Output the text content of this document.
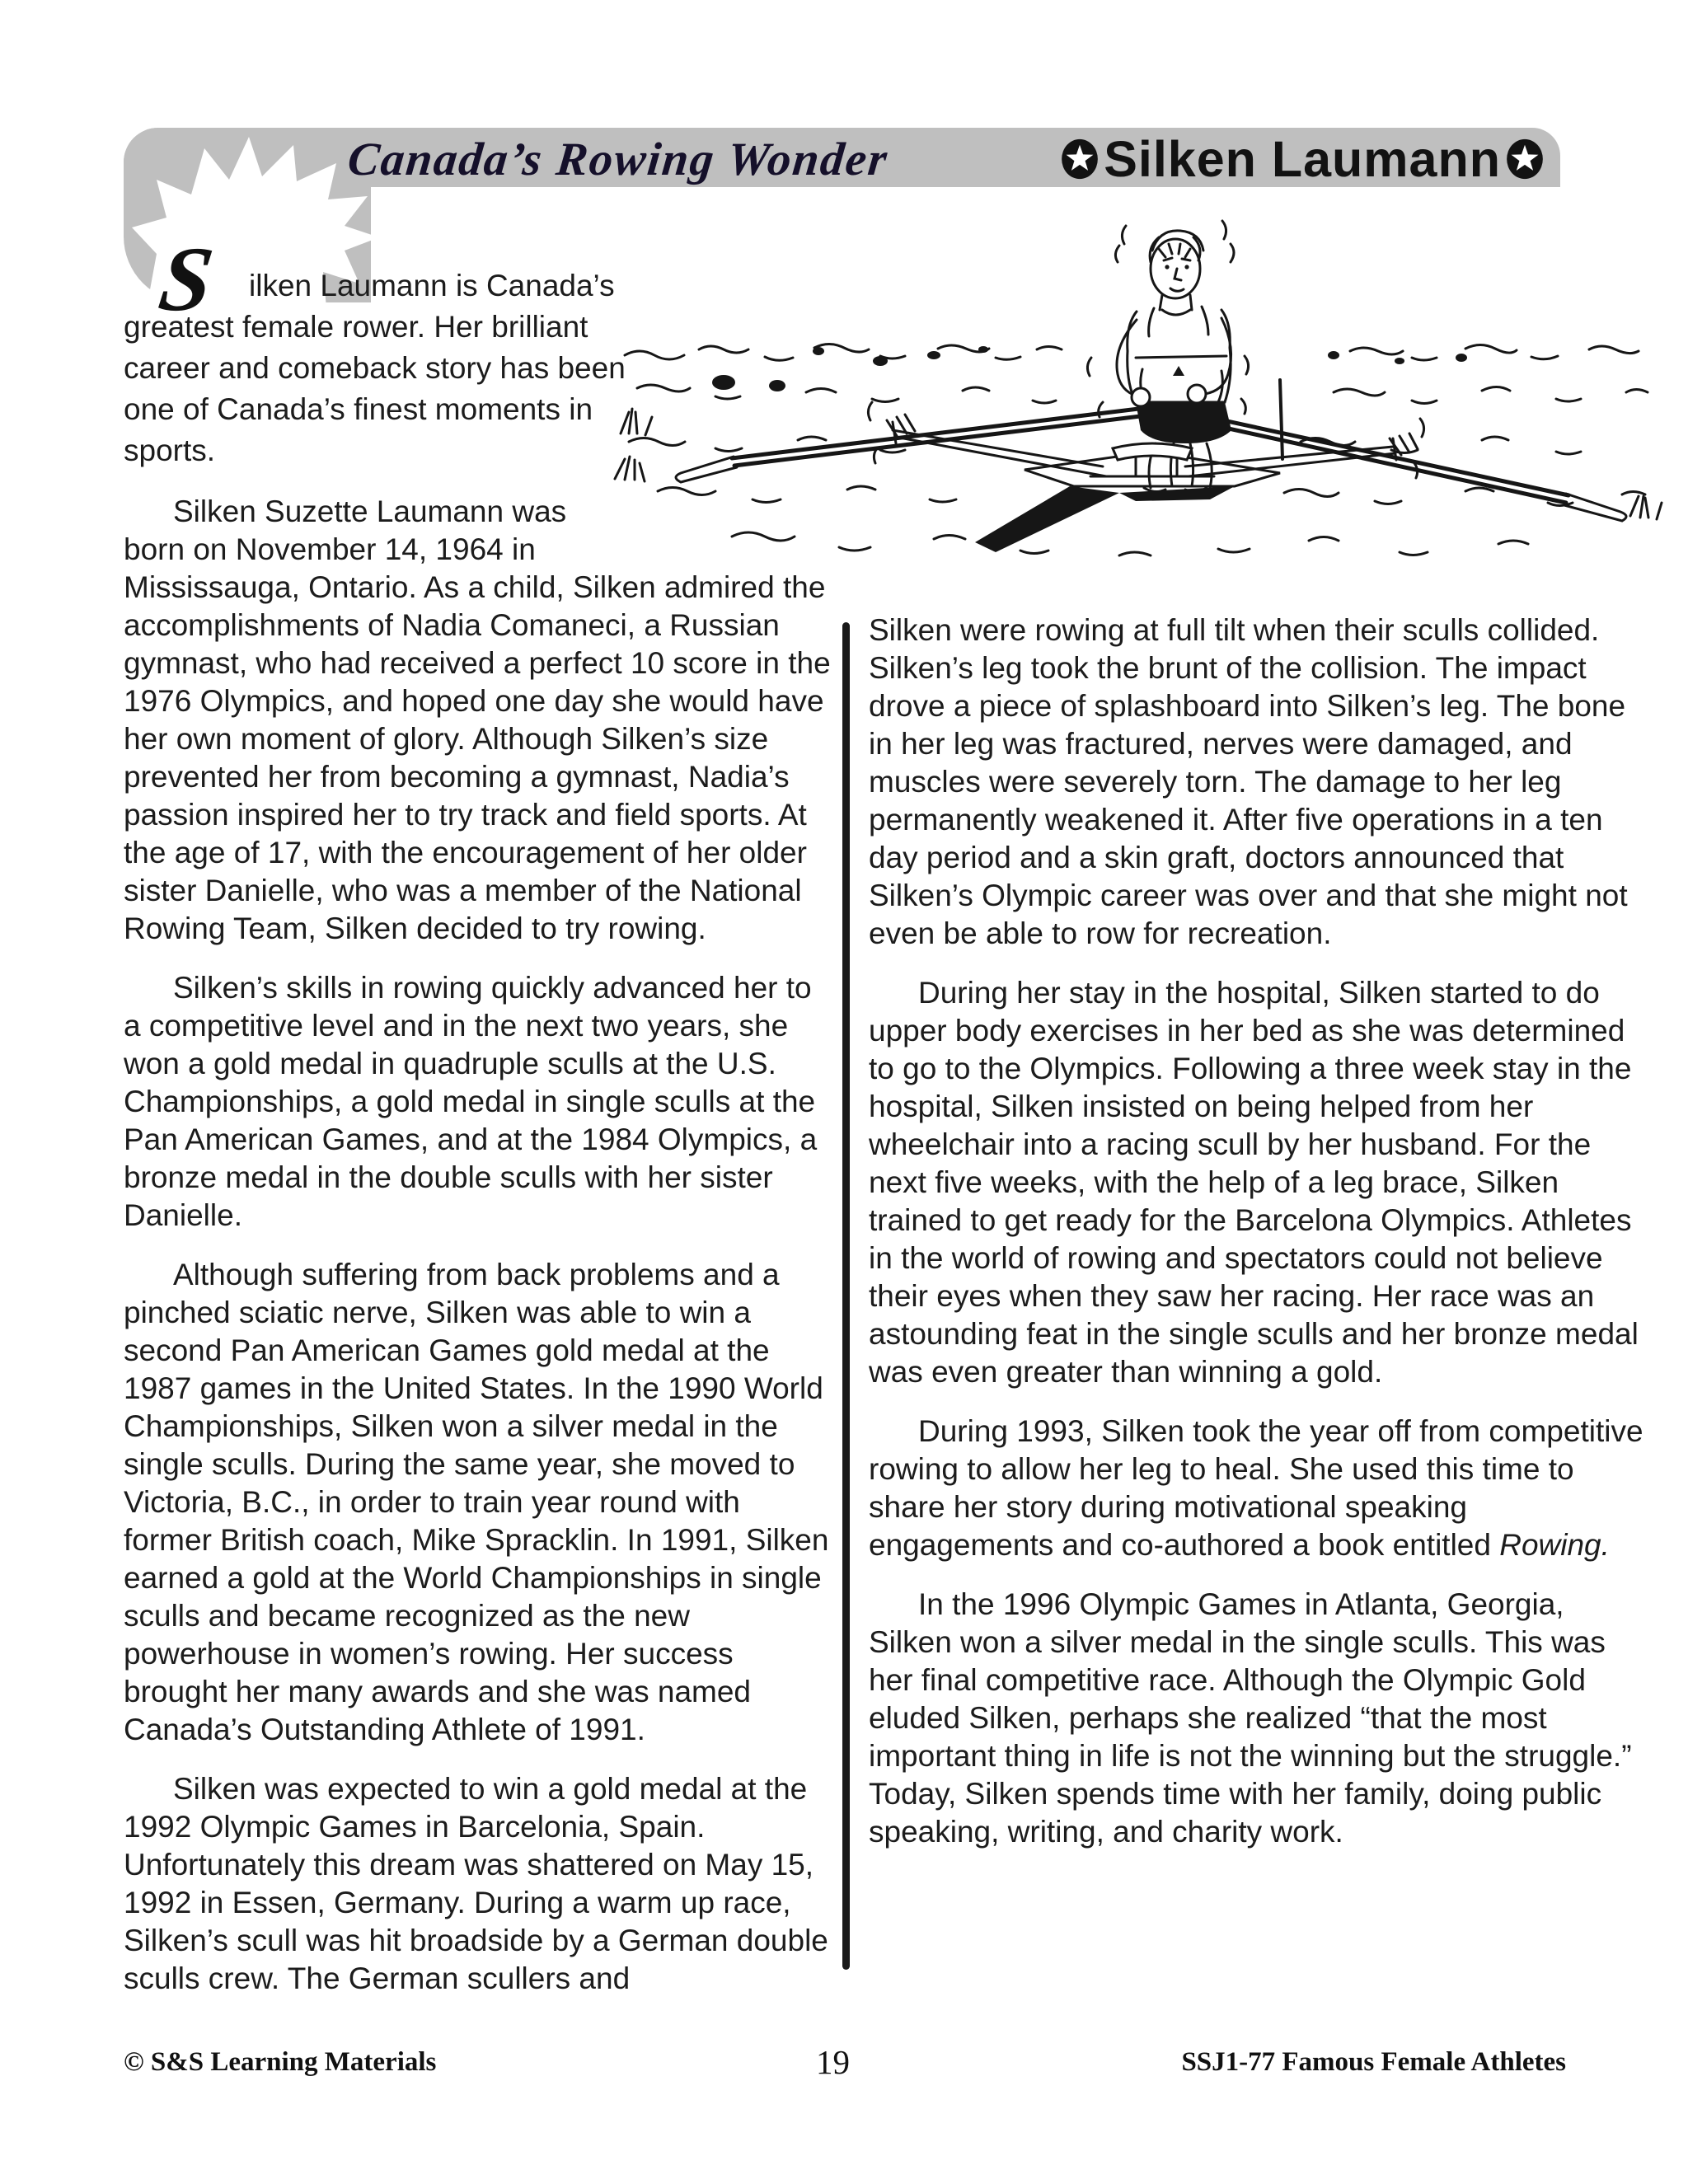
Canada’s Rowing Wonder	Silken Laumann

Silken Laumann is Canada’s greatest female rower. Her brilliant career and comeback story has been one of Canada’s finest moments in sports.

Silken Suzette Laumann was born on November 14, 1964 in Mississauga, Ontario. As a child, Silken admired the accomplishments of Nadia Comaneci, a Russian gymnast, who had received a perfect 10 score in the 1976 Olympics, and hoped one day she would have her own moment of glory. Although Silken’s size prevented her from becoming a gymnast, Nadia’s passion inspired her to try track and field sports. At the age of 17, with the encouragement of her older sister Danielle, who was a member of the National Rowing Team, Silken decided to try rowing.

Silken’s skills in rowing quickly advanced her to a competitive level and in the next two years, she won a gold medal in quadruple sculls at the U.S. Championships, a gold medal in single sculls at the Pan American Games, and at the 1984 Olympics, a bronze medal in the double sculls with her sister Danielle.

Although suffering from back problems and a pinched sciatic nerve, Silken was able to win a second Pan American Games gold medal at the 1987 games in the United States. In the 1990 World Championships, Silken won a silver medal in the single sculls. During the same year, she moved to Victoria, B.C., in order to train year round with former British coach, Mike Spracklin. In 1991, Silken earned a gold at the World Championships in single sculls and became recognized as the new powerhouse in women’s rowing. Her success brought her many awards and she was named Canada’s Outstanding Athlete of 1991.

Silken was expected to win a gold medal at the 1992 Olympic Games in Barcelonia, Spain. Unfortunately this dream was shattered on May 15, 1992 in Essen, Germany. During a warm up race, Silken’s scull was hit broadside by a German double sculls crew. The German scullers and

Silken were rowing at full tilt when their sculls collided. Silken’s leg took the brunt of the collision. The impact drove a piece of splashboard into Silken’s leg. The bone in her leg was fractured, nerves were damaged, and muscles were severely torn. The damage to her leg permanently weakened it. After five operations in a ten day period and a skin graft, doctors announced that Silken’s Olympic career was over and that she might not even be able to row for recreation.

During her stay in the hospital, Silken started to do upper body exercises in her bed as she was determined to go to the Olympics. Following a three week stay in the hospital, Silken insisted on being helped from her wheelchair into a racing scull by her husband. For the next five weeks, with the help of a leg brace, Silken trained to get ready for the Barcelona Olympics. Athletes in the world of rowing and spectators could not believe their eyes when they saw her racing. Her race was an astounding feat in the single sculls and her bronze medal was even greater than winning a gold.

During 1993, Silken took the year off from competitive rowing to allow her leg to heal. She used this time to share her story during motivational speaking engagements and co-authored a book entitled Rowing.

In the 1996 Olympic Games in Atlanta, Georgia, Silken won a silver medal in the single sculls. This was her final competitive race. Although the Olympic Gold eluded Silken, perhaps she realized “that the most important thing in life is not the winning but the struggle.” Today, Silken spends time with her family, doing public speaking, writing, and charity work.

© S&S Learning Materials	19	SSJ1-77 Famous Female Athletes
